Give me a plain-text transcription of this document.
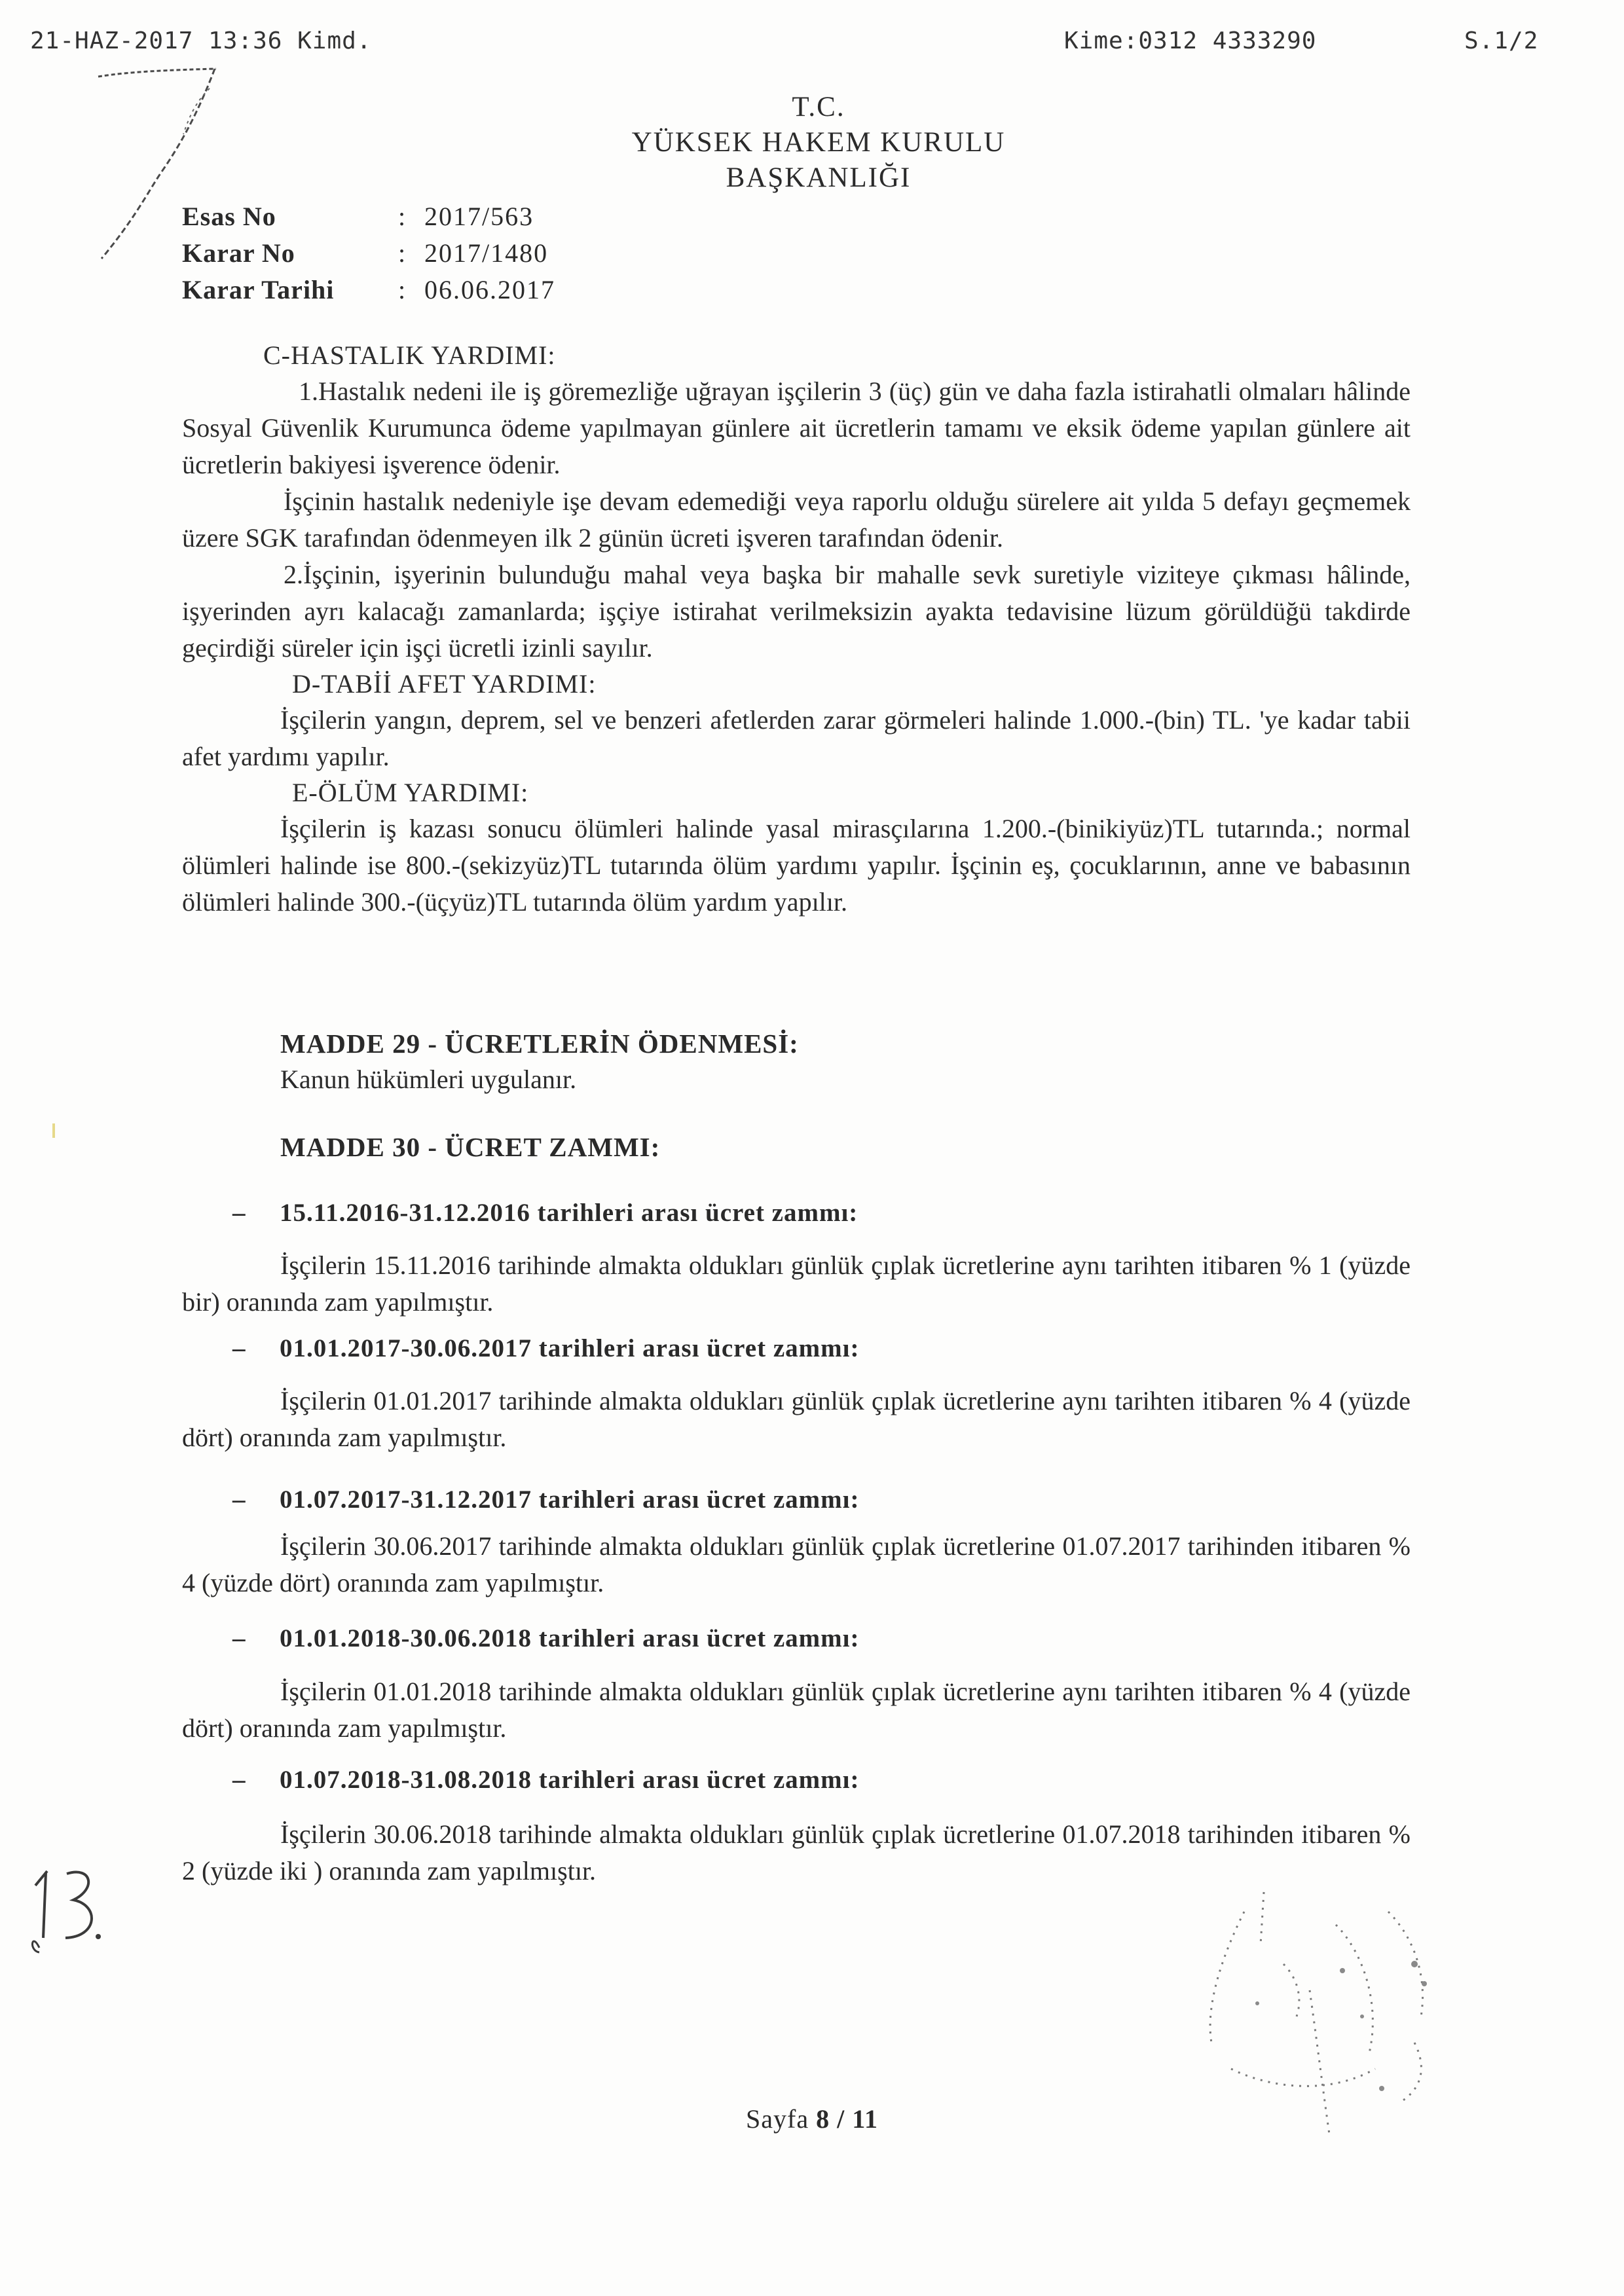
21-HAZ-2017 13:36 Kimd.	Kime:0312 4333290	S.1/2
T.C.
YÜKSEK HAKEM KURULU
BAŞKANLIĞI
Esas No	: 2017/563
Karar No	: 2017/1480
Karar Tarihi	: 06.06.2017

C-HASTALIK YARDIMI:

1.Hastalık nedeni ile iş göremezliğe uğrayan işçilerin 3 (üç) gün ve daha fazla istirahatli olmaları hâlinde Sosyal Güvenlik Kurumunca ödeme yapılmayan günlere ait ücretlerin tamamı ve eksik ödeme yapılan günlere ait ücretlerin bakiyesi işverence ödenir.

İşçinin hastalık nedeniyle işe devam edemediği veya raporlu olduğu sürelere ait yılda 5 defayı geçmemek üzere SGK tarafından ödenmeyen ilk 2 günün ücreti işveren tarafından ödenir.

2.İşçinin, işyerinin bulunduğu mahal veya başka bir mahalle sevk suretiyle viziteye çıkması hâlinde, işyerinden ayrı kalacağı zamanlarda; işçiye istirahat verilmeksizin ayakta tedavisine lüzum görüldüğü takdirde geçirdiği süreler için işçi ücretli izinli sayılır.

D-TABİİ AFET YARDIMI:

İşçilerin yangın, deprem, sel ve benzeri afetlerden zarar görmeleri halinde 1.000.-(bin) TL. 'ye kadar tabii afet yardımı yapılır.

E-ÖLÜM YARDIMI:

İşçilerin iş kazası sonucu ölümleri halinde yasal mirasçılarına 1.200.-(binikiyüz)TL tutarında.; normal ölümleri halinde ise 800.-(sekizyüz)TL tutarında ölüm yardımı yapılır. İşçinin eş, çocuklarının, anne ve babasının ölümleri halinde 300.-(üçyüz)TL tutarında ölüm yardım yapılır.

MADDE 29 - ÜCRETLERİN ÖDENMESİ:
Kanun hükümleri uygulanır.
MADDE 30 - ÜCRET ZAMMI:
–	15.11.2016-31.12.2016 tarihleri arası ücret zammı:

İşçilerin 15.11.2016 tarihinde almakta oldukları günlük çıplak ücretlerine aynı tarihten itibaren % 1 (yüzde bir) oranında zam yapılmıştır.

–	01.01.2017-30.06.2017 tarihleri arası ücret zammı:

İşçilerin 01.01.2017 tarihinde almakta oldukları günlük çıplak ücretlerine aynı tarihten itibaren % 4 (yüzde dört) oranında zam yapılmıştır.

–	01.07.2017-31.12.2017 tarihleri arası ücret zammı:

İşçilerin 30.06.2017 tarihinde almakta oldukları günlük çıplak ücretlerine 01.07.2017 tarihinden itibaren % 4 (yüzde dört) oranında zam yapılmıştır.

–	01.01.2018-30.06.2018 tarihleri arası ücret zammı:

İşçilerin 01.01.2018 tarihinde almakta oldukları günlük çıplak ücretlerine aynı tarihten itibaren % 4 (yüzde dört) oranında zam yapılmıştır.

–	01.07.2018-31.08.2018 tarihleri arası ücret zammı:

İşçilerin 30.06.2018 tarihinde almakta oldukları günlük çıplak ücretlerine 01.07.2018 tarihinden itibaren % 2 (yüzde iki ) oranında zam yapılmıştır.

Sayfa 8 / 11
